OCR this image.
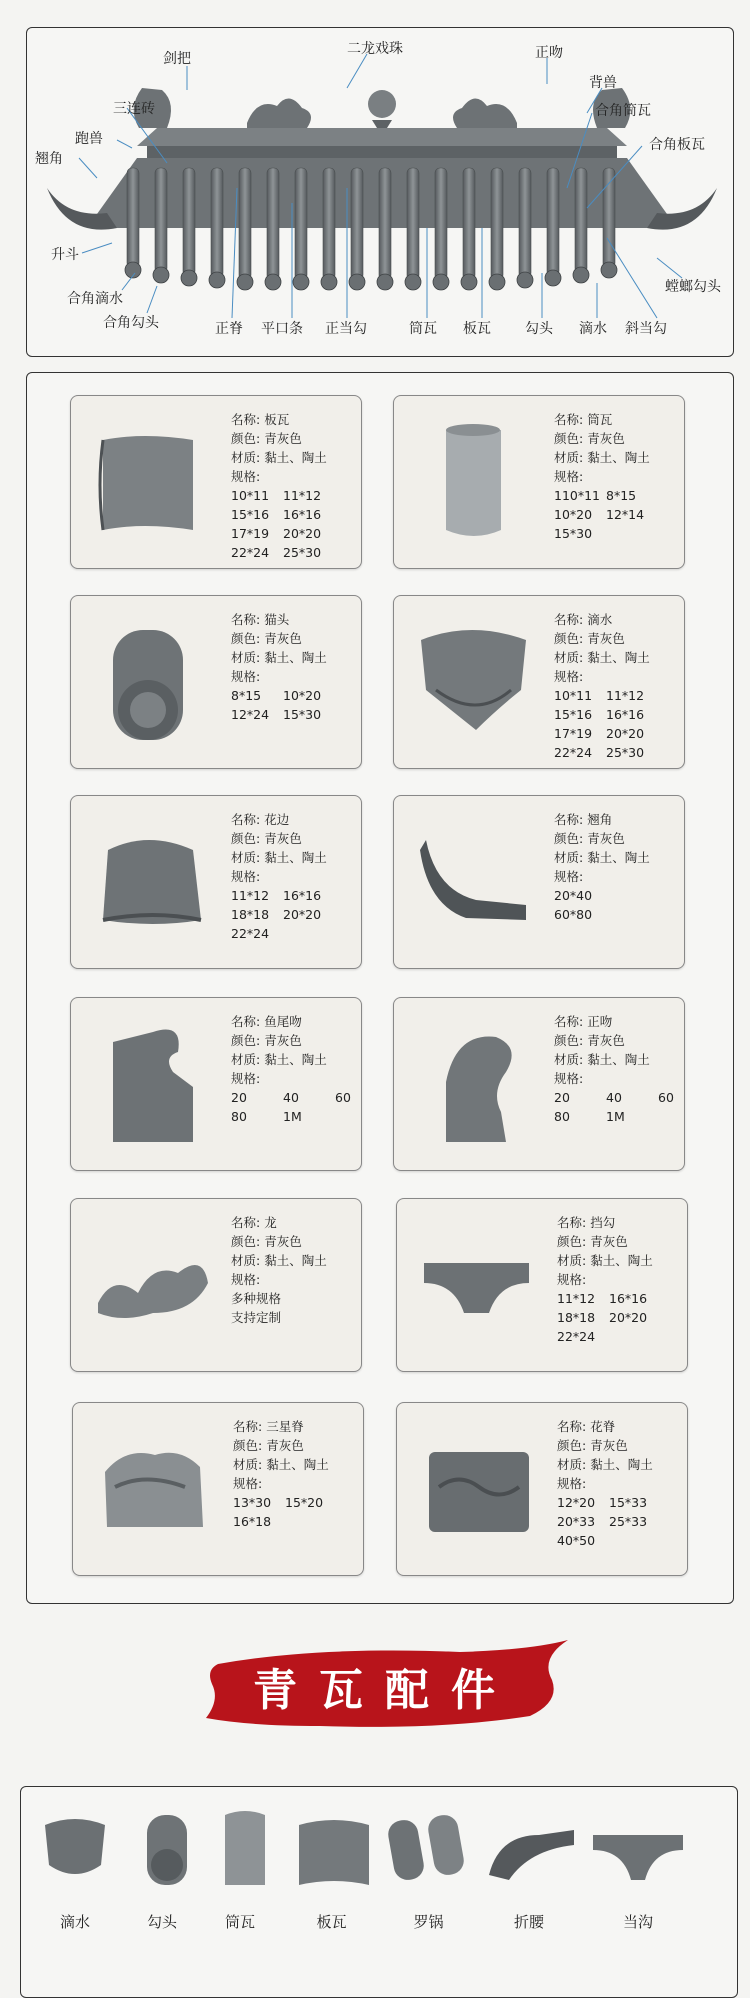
剑把
二龙戏珠	正吻
背兽
三连砖	合角筒瓦
跑兽	合角板瓦
翘角
升斗
螳螂勾头
合角滴水
合角勾头	正脊 平口条 正当勾	筒瓦 板瓦 勾头 滴水 斜当勾
名称: 板瓦
颜色: 青灰色
材质: 黏土、陶土
规格:
10*11 11*12
15*16 16*16
17*19 20*20
22*24 25*30
名称: 筒瓦
颜色: 青灰色
材质: 黏土、陶土
规格:
110*11 8*15
10*20 12*14
15*30
名称: 猫头
颜色: 青灰色
材质: 黏土、陶土
规格:
8*15 10*20
12*24 15*30
名称: 滴水
颜色: 青灰色
材质: 黏土、陶土
规格:
10*11 11*12
15*16 16*16
17*19 20*20
22*24 25*30
名称: 花边
颜色: 青灰色
材质: 黏土、陶土
规格:
11*12 16*16
18*18 20*20
22*24
名称: 翘角
颜色: 青灰色
材质: 黏土、陶土
规格:
20*40
60*80
名称: 鱼尾吻
颜色: 青灰色
材质: 黏土、陶土
规格:
20	40	60
80	1M
名称: 正吻
颜色: 青灰色
材质: 黏土、陶土
规格:
20	40	60
80	1M
名称: 龙
颜色: 青灰色
材质: 黏土、陶土
规格:
多种规格
支持定制
名称: 挡勾
颜色: 青灰色
材质: 黏土、陶土
规格:
11*12 16*16
18*18 20*20
22*24
名称: 三星脊
颜色: 青灰色
材质: 黏土、陶土
规格:
13*30 15*20
16*18
名称: 花脊
颜色: 青灰色
材质: 黏土、陶土
规格:
12*20 15*33
20*33 25*33
40*50
青瓦配件
滴水	勾头	筒瓦	板瓦	罗锅	折腰	当沟
